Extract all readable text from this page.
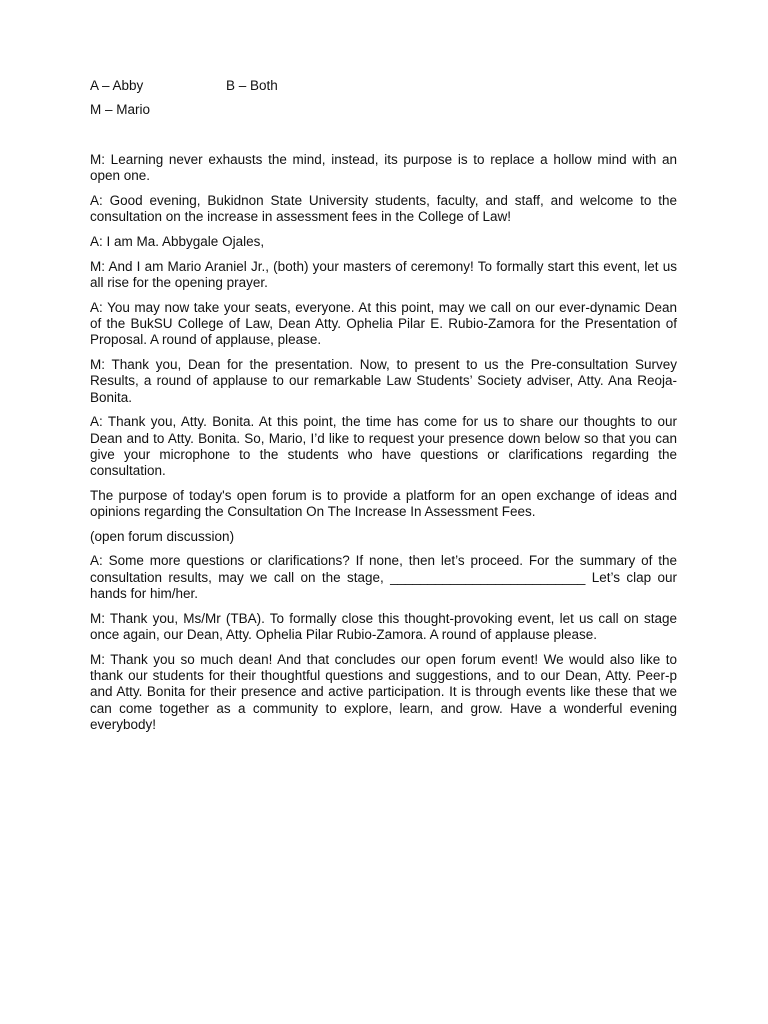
A – Abby	B – Both
M – Mario

M: Learning never exhausts the mind, instead, its purpose is to replace a hollow mind with an open one.

A: Good evening, Bukidnon State University students, faculty, and staff, and welcome to the consultation on the increase in assessment fees in the College of Law!

A: I am Ma. Abbygale Ojales,

M: And I am Mario Araniel Jr., (both) your masters of ceremony! To formally start this event, let us all rise for the opening prayer.

A: You may now take your seats, everyone. At this point, may we call on our ever-dynamic Dean of the BukSU College of Law, Dean Atty. Ophelia Pilar E. Rubio-Zamora for the Presentation of Proposal. A round of applause, please.

M: Thank you, Dean for the presentation. Now, to present to us the Pre-consultation Survey Results, a round of applause to our remarkable Law Students’ Society adviser, Atty. Ana Reoja-Bonita.

A: Thank you, Atty. Bonita. At this point, the time has come for us to share our thoughts to our Dean and to Atty. Bonita. So, Mario, I’d like to request your presence down below so that you can give your microphone to the students who have questions or clarifications regarding the consultation.

The purpose of today's open forum is to provide a platform for an open exchange of ideas and opinions regarding the Consultation On The Increase In Assessment Fees.

(open forum discussion)

A: Some more questions or clarifications? If none, then let’s proceed. For the summary of the consultation results, may we call on the stage, __________________________ Let’s clap our hands for him/her.

M: Thank you, Ms/Mr (TBA). To formally close this thought-provoking event, let us call on stage once again, our Dean, Atty. Ophelia Pilar Rubio-Zamora. A round of applause please.

M: Thank you so much dean! And that concludes our open forum event! We would also like to thank our students for their thoughtful questions and suggestions, and to our Dean, Atty. Peer-p and Atty. Bonita for their presence and active participation. It is through events like these that we can come together as a community to explore, learn, and grow. Have a wonderful evening everybody!
